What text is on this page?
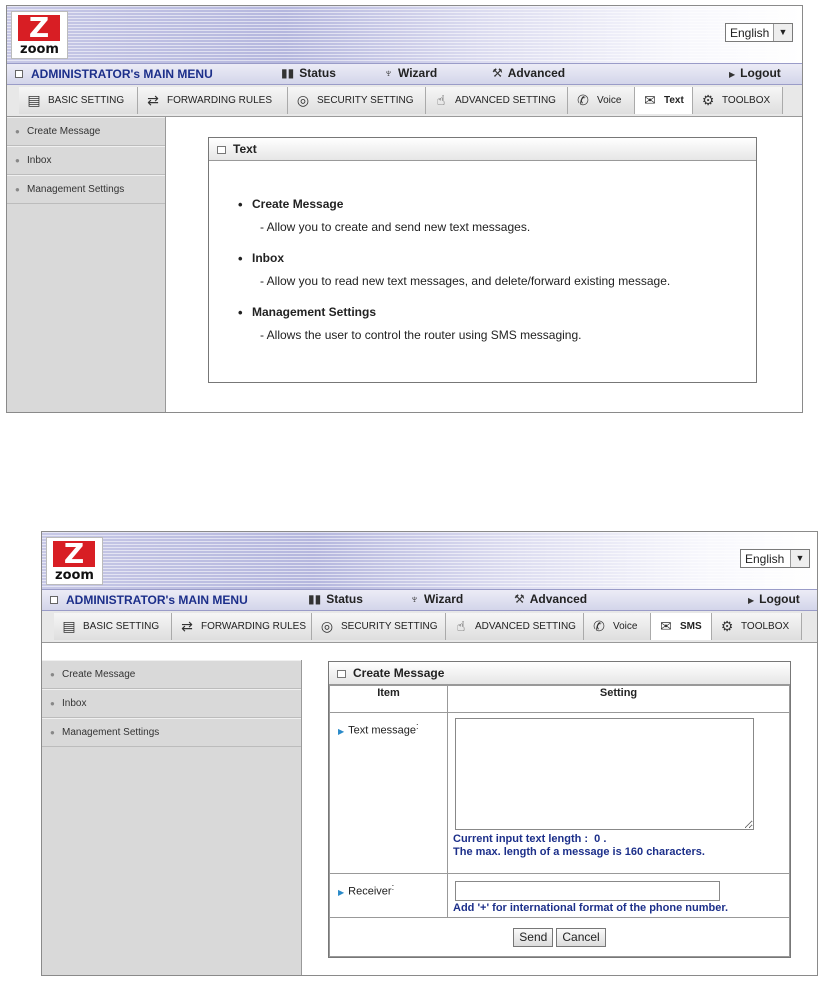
Z
zoom
English	▼
ADMINISTRATOR's MAIN MENU	▮▮ Status	♆ Wizard	⚒ Advanced	▶ Logout
▤ BASIC SETTING	⇄ FORWARDING RULES	◎ SECURITY SETTING	☝ ADVANCED SETTING	✆ Voice	✉ Text	⚙ TOOLBOX
● Create Message
● Inbox
● Management Settings
Text
• Create Message
- Allow you to create and send new text messages.
• Inbox
- Allow you to read new text messages, and delete/forward existing message.
• Management Settings
- Allows the user to control the router using SMS messaging.
Z
zoom
English	▼
ADMINISTRATOR's MAIN MENU	▮▮ Status	♆ Wizard	⚒ Advanced	▶ Logout
▤ BASIC SETTING	⇄ FORWARDING RULES	◎ SECURITY SETTING	☝ ADVANCED SETTING	✆ Voice	✉ SMS	⚙ TOOLBOX
● Create Message
● Inbox
● Management Settings
Create Message
Item	Setting
▶ Text message:	Current input text length : 0 .
The max. length of a message is 160 characters.

▶ Receiver:	Add '+' for international format of the phone number.

Send Cancel	
